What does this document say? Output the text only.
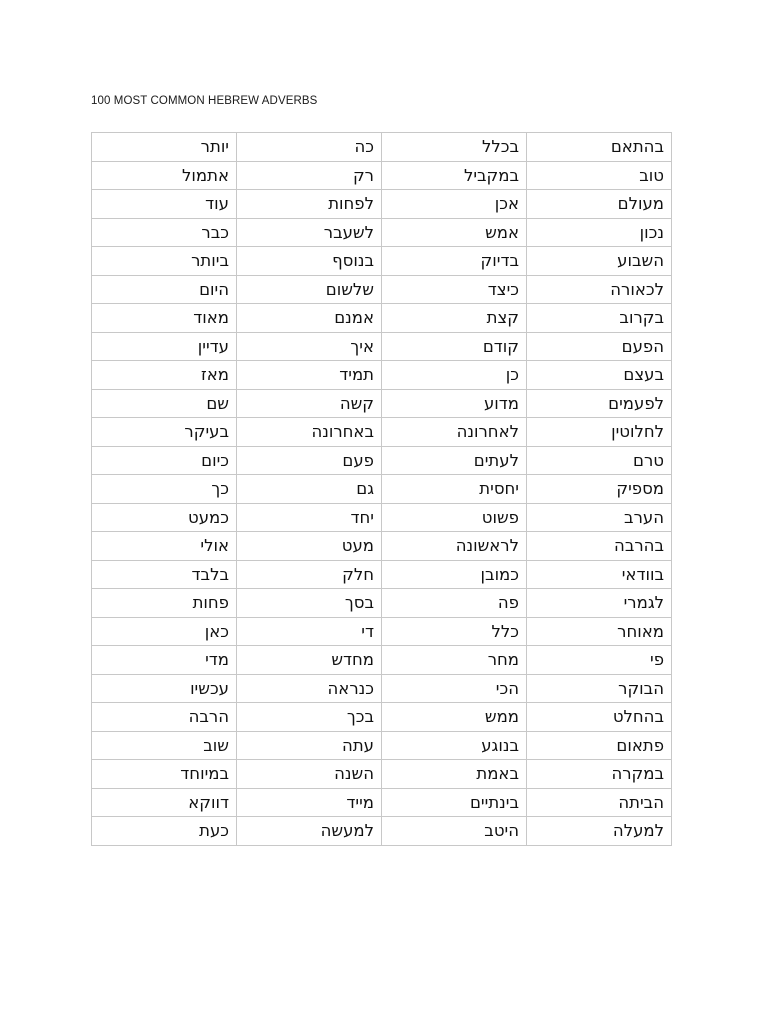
100 MOST COMMON HEBREW ADVERBS
יותר	כה	בכלל	בהתאם
אתמול	רק	במקביל	טוב
עוד	לפחות	אכן	מעולם
כבר	לשעבר	אמש	נכון
ביותר	בנוסף	בדיוק	השבוע
היום	שלשום	כיצד	לכאורה
מאוד	אמנם	קצת	בקרוב
עדיין	איך	קודם	הפעם
מאז	תמיד	כן	בעצם
שם	קשה	מדוע	לפעמים
בעיקר	באחרונה	לאחרונה	לחלוטין
כיום	פעם	לעתים	טרם
כך	גם	יחסית	מספיק
כמעט	יחד	פשוט	הערב
אולי	מעט	לראשונה	בהרבה
בלבד	חלק	כמובן	בוודאי
פחות	בסך	פה	לגמרי
כאן	די	כלל	מאוחר
מדי	מחדש	מחר	פי
עכשיו	כנראה	הכי	הבוקר
הרבה	בכך	ממש	בהחלט
שוב	עתה	בנוגע	פתאום
במיוחד	השנה	באמת	במקרה
דווקא	מייד	בינתיים	הביתה
כעת	למעשה	היטב	למעלה
